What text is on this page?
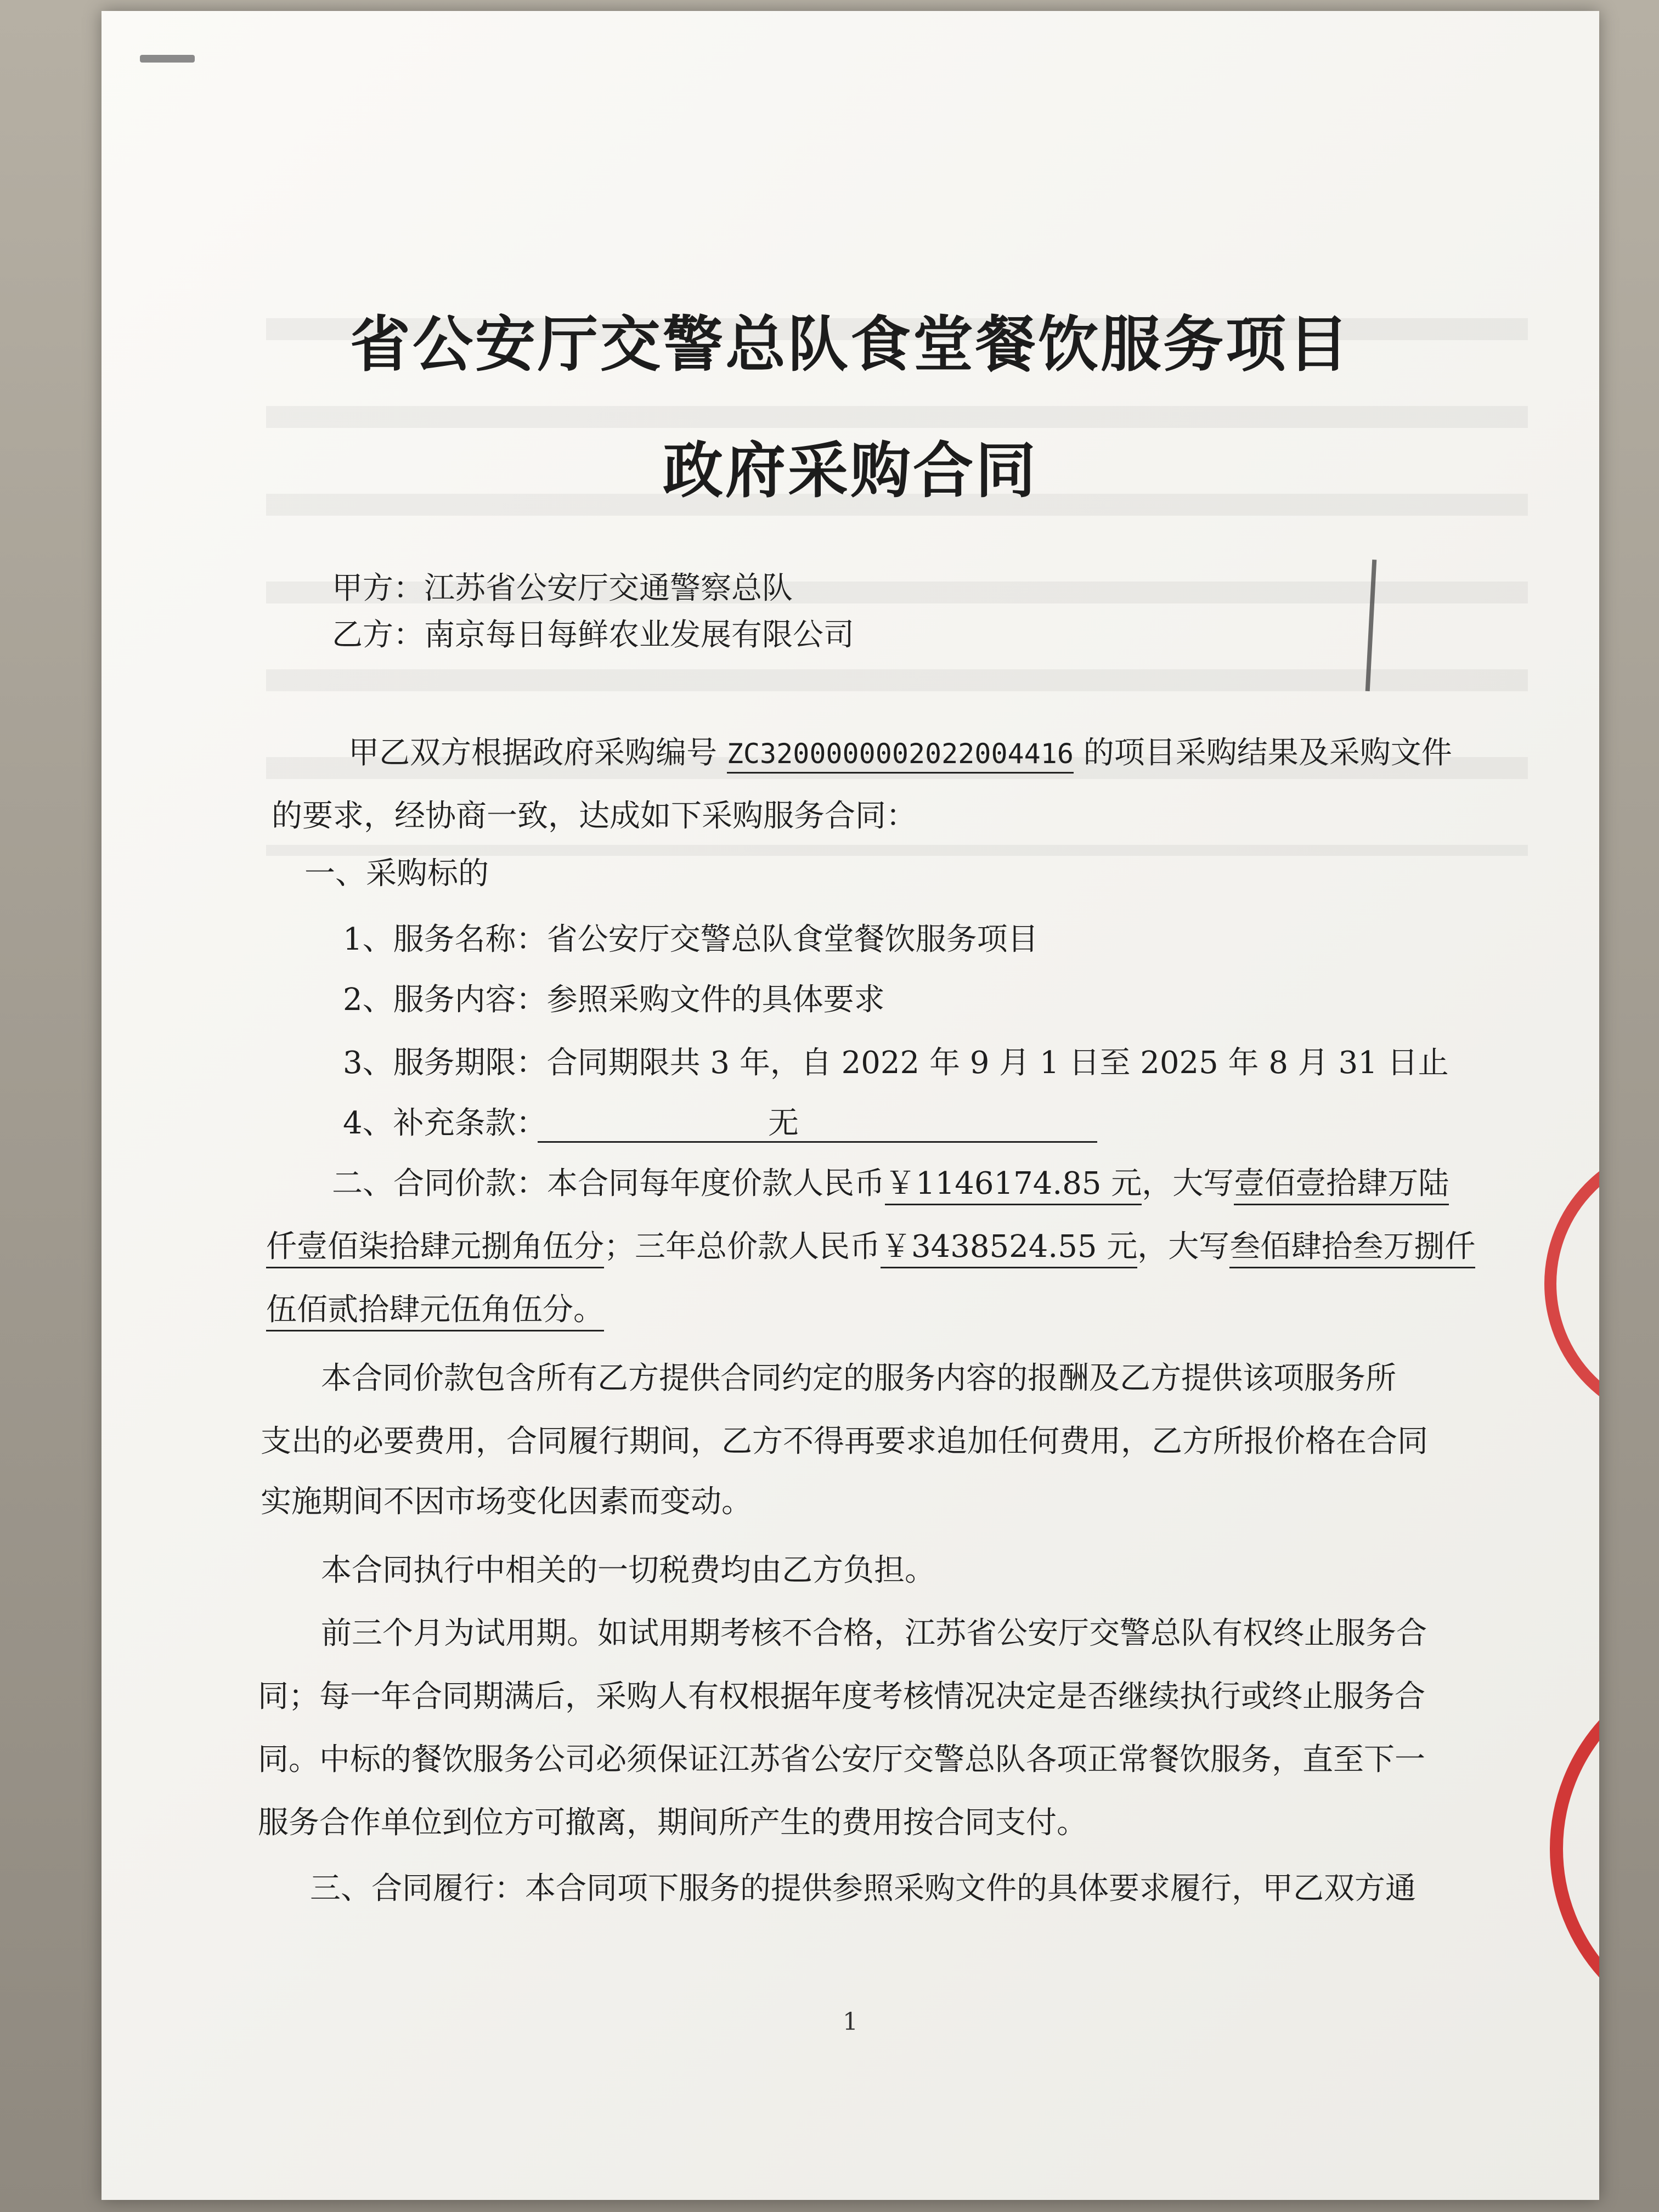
省公安厅交警总队食堂餐饮服务项目
政府采购合同
甲方：江苏省公安厅交通警察总队
乙方：南京每日每鲜农业发展有限公司
甲乙双方根据政府采购编号 ZC3200000002022004416 的项目采购结果及采购文件
的要求，经协商一致，达成如下采购服务合同：
一、采购标的
1、服务名称：省公安厅交警总队食堂餐饮服务项目
2、服务内容：参照采购文件的具体要求
3、服务期限：合同期限共 3 年，自 2022 年 9 月 1 日至 2025 年 8 月 31 日止
4、补充条款：	无
二、合同价款：本合同每年度价款人民币￥1146174.85 元，大写壹佰壹拾肆万陆
仟壹佰柒拾肆元捌角伍分；三年总价款人民币￥3438524.55 元，大写叁佰肆拾叁万捌仟
伍佰贰拾肆元伍角伍分。
本合同价款包含所有乙方提供合同约定的服务内容的报酬及乙方提供该项服务所
支出的必要费用，合同履行期间，乙方不得再要求追加任何费用，乙方所报价格在合同
实施期间不因市场变化因素而变动。
本合同执行中相关的一切税费均由乙方负担。
前三个月为试用期。如试用期考核不合格，江苏省公安厅交警总队有权终止服务合
同；每一年合同期满后，采购人有权根据年度考核情况决定是否继续执行或终止服务合
同。中标的餐饮服务公司必须保证江苏省公安厅交警总队各项正常餐饮服务，直至下一
服务合作单位到位方可撤离，期间所产生的费用按合同支付。
三、合同履行：本合同项下服务的提供参照采购文件的具体要求履行，甲乙双方通
1
